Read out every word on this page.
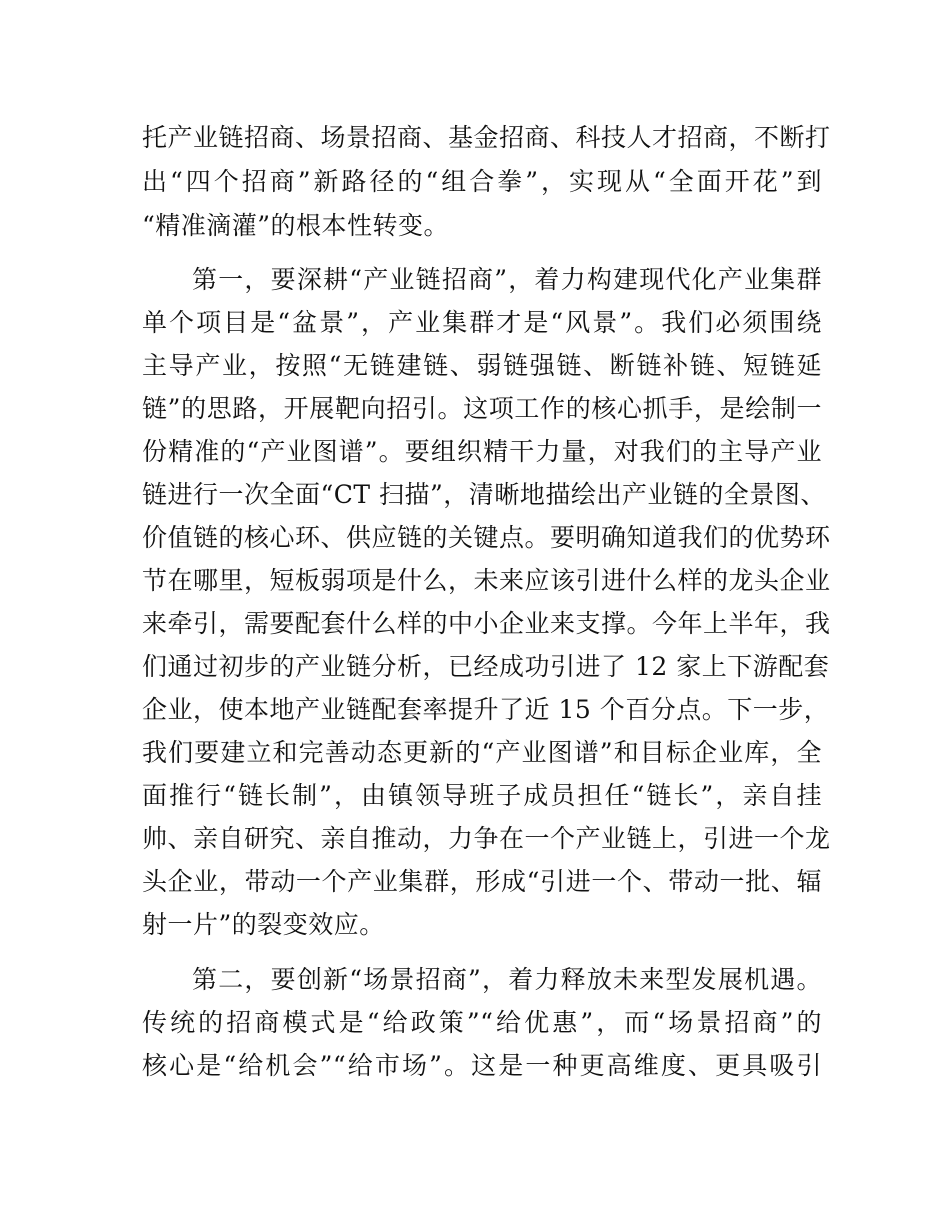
托产业链招商、场景招商、基金招商、科技人才招商，不断打
出“四个招商”新路径的“组合拳”，实现从“全面开花”到
“精准滴灌”的根本性转变。
第一，要深耕“产业链招商”，着力构建现代化产业集群
单个项目是“盆景”，产业集群才是“风景”。我们必须围绕
主导产业，按照“无链建链、弱链强链、断链补链、短链延
链”的思路，开展靶向招引。这项工作的核心抓手，是绘制一
份精准的“产业图谱”。要组织精干力量，对我们的主导产业
链进行一次全面“CT 扫描”，清晰地描绘出产业链的全景图、
价值链的核心环、供应链的关键点。要明确知道我们的优势环
节在哪里，短板弱项是什么，未来应该引进什么样的龙头企业
来牵引，需要配套什么样的中小企业来支撑。今年上半年，我
们通过初步的产业链分析，已经成功引进了 12 家上下游配套
企业，使本地产业链配套率提升了近 15 个百分点。下一步，
我们要建立和完善动态更新的“产业图谱”和目标企业库，全
面推行“链长制”，由镇领导班子成员担任“链长”，亲自挂
帅、亲自研究、亲自推动，力争在一个产业链上，引进一个龙
头企业，带动一个产业集群，形成“引进一个、带动一批、辐
射一片”的裂变效应。
第二，要创新“场景招商”，着力释放未来型发展机遇。
传统的招商模式是“给政策”“给优惠”，而“场景招商”的
核心是“给机会”“给市场”。这是一种更高维度、更具吸引
